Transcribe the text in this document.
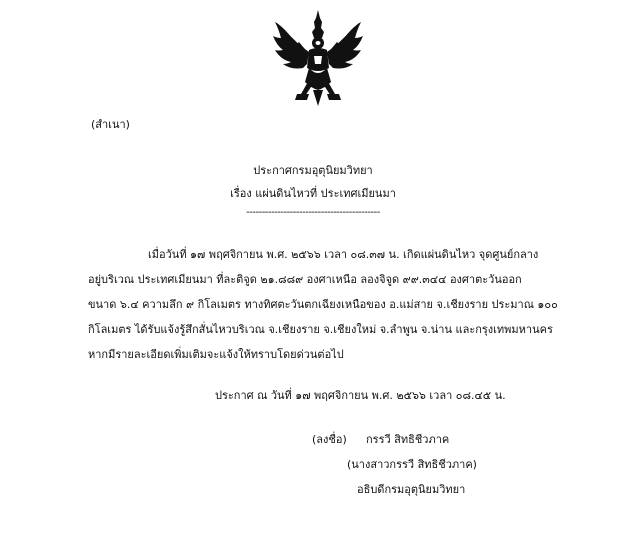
(สำเนา)
ประกาศกรมอุตุนิยมวิทยา
เรื่อง แผ่นดินไหวที่ ประเทศเมียนมา
-------------------------------------------
เมื่อวันที่ ๑๗ พฤศจิกายน พ.ศ. ๒๕๖๖ เวลา ๐๘.๓๗ น. เกิดแผ่นดินไหว จุดศูนย์กลาง
อยู่บริเวณ ประเทศเมียนมา ที่ละติจูด ๒๑.๘๘๙ องศาเหนือ ลองจิจูด ๙๙.๓๔๔ องศาตะวันออก
ขนาด ๖.๔ ความลึก ๙ กิโลเมตร ทางทิศตะวันตกเฉียงเหนือของ อ.แม่สาย จ.เชียงราย ประมาณ ๑๐๐
กิโลเมตร ได้รับแจ้งรู้สึกสั่นไหวบริเวณ จ.เชียงราย จ.เชียงใหม่ จ.ลำพูน จ.น่าน และกรุงเทพมหานคร
หากมีรายละเอียดเพิ่มเติมจะแจ้งให้ทราบโดยด่วนต่อไป
ประกาศ ณ วันที่ ๑๗ พฤศจิกายน พ.ศ. ๒๕๖๖ เวลา ๐๘.๔๕ น.
(ลงชื่อ) กรรวี สิทธิชีวภาค
(นางสาวกรรวี สิทธิชีวภาค)
อธิบดีกรมอุตุนิยมวิทยา
